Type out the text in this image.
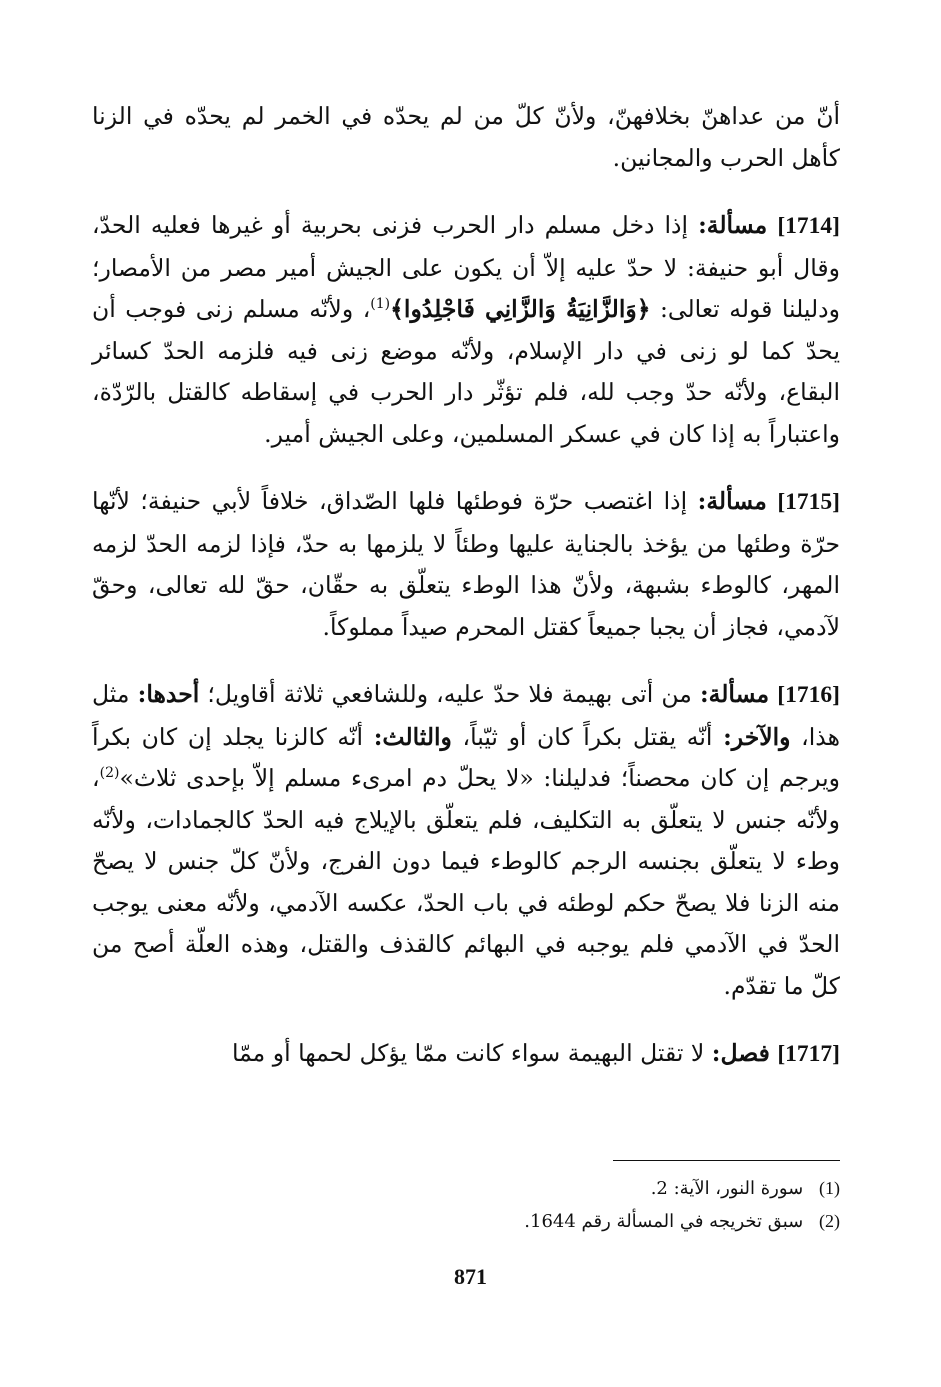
أنّ من عداهنّ بخلافهنّ، ولأنّ كلّ من لم يحدّه في الخمر لم يحدّه في الزنا كأهل الحرب والمجانين.

[1714] مسألة: إذا دخل مسلم دار الحرب فزنى بحربية أو غيرها فعليه الحدّ، وقال أبو حنيفة: لا حدّ عليه إلاّ أن يكون على الجيش أمير مصر من الأمصار؛ ودليلنا قوله تعالى: ﴿وَالزَّانِيَةُ وَالزَّانِي فَاجْلِدُوا﴾$^{(1)}$، ولأنّه مسلم زنى فوجب أن يحدّ كما لو زنى في دار الإسلام، ولأنّه موضع زنى فيه فلزمه الحدّ كسائر البقاع، ولأنّه حدّ وجب لله، فلم تؤثّر دار الحرب في إسقاطه كالقتل بالرّدّة، واعتباراً به إذا كان في عسكر المسلمين، وعلى الجيش أمير.

[1715] مسألة: إذا اغتصب حرّة فوطئها فلها الصّداق، خلافاً لأبي حنيفة؛ لأنّها حرّة وطئها من يؤخذ بالجناية عليها وطئاً لا يلزمها به حدّ، فإذا لزمه الحدّ لزمه المهر، كالوطء بشبهة، ولأنّ هذا الوطء يتعلّق به حقّان، حقّ لله تعالى، وحقّ لآدمي، فجاز أن يجبا جميعاً كقتل المحرم صيداً مملوكاً.

[1716] مسألة: من أتى بهيمة فلا حدّ عليه، وللشافعي ثلاثة أقاويل؛ أحدها: مثل هذا، والآخر: أنّه يقتل بكراً كان أو ثيّباً، والثالث: أنّه كالزنا يجلد إن كان بكراً ويرجم إن كان محصناً؛ فدليلنا: «لا يحلّ دم امرىء مسلم إلاّ بإحدى ثلاث»$^{(2)}$، ولأنّه جنس لا يتعلّق به التكليف، فلم يتعلّق بالإيلاج فيه الحدّ كالجمادات، ولأنّه وطء لا يتعلّق بجنسه الرجم كالوطء فيما دون الفرج، ولأنّ كلّ جنس لا يصحّ منه الزنا فلا يصحّ حكم لوطئه في باب الحدّ، عكسه الآدمي، ولأنّه معنى يوجب الحدّ في الآدمي فلم يوجبه في البهائم كالقذف والقتل، وهذه العلّة أصح من كلّ ما تقدّم.

[1717] فصل: لا تقتل البهيمة سواء كانت ممّا يؤكل لحمها أو ممّا

(1) سورة النور، الآية: 2.

(2) سبق تخريجه في المسألة رقم 1644.

871
